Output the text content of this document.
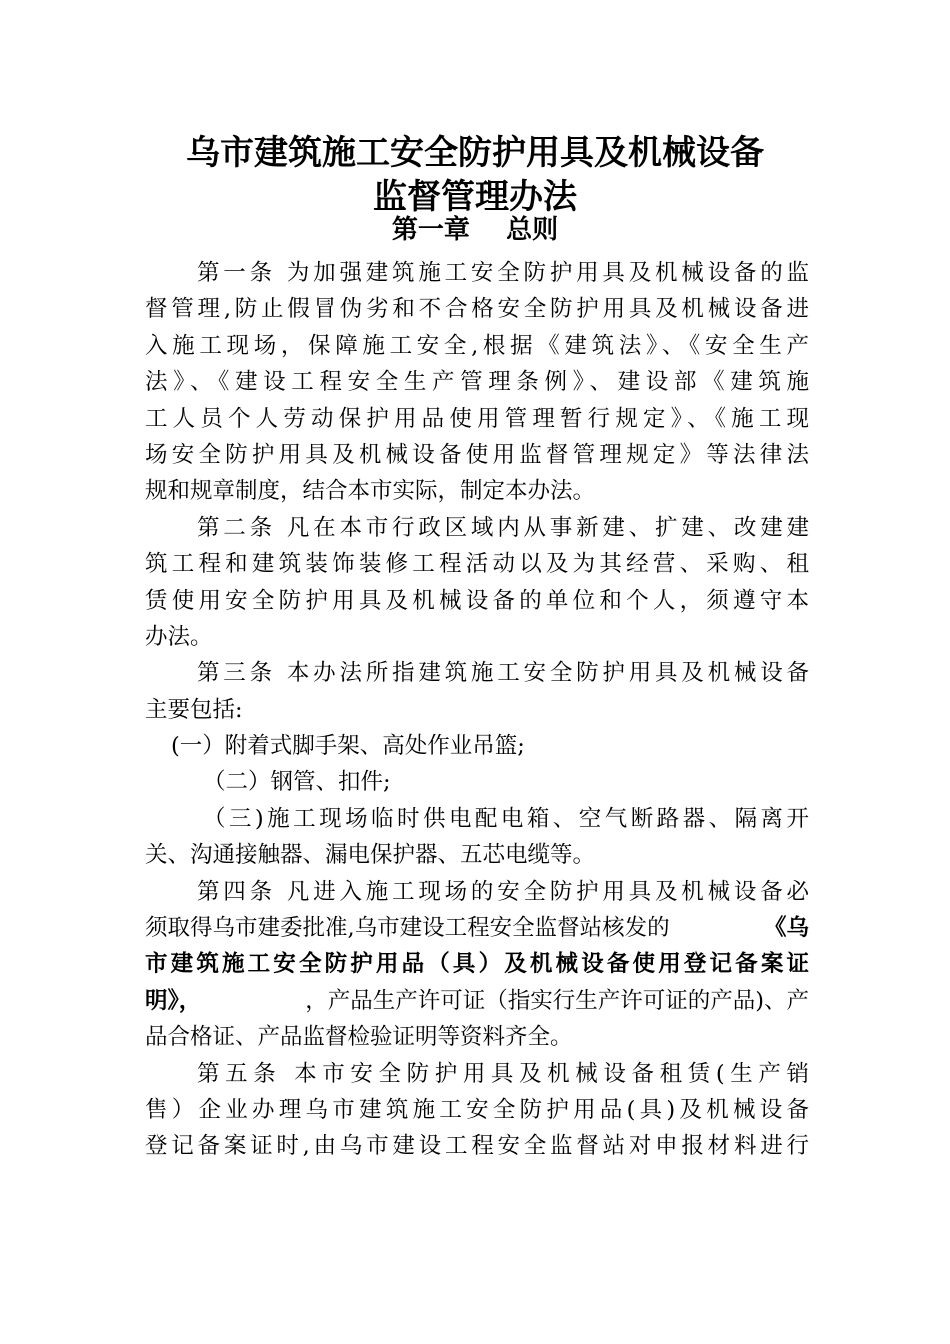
乌市建筑施工安全防护用具及机械设备
监督管理办法
第一章    总则
第一条 为加强建筑施工安全防护用具及机械设备的监
督管理,防止假冒伪劣和不合格安全防护用具及机械设备进
入施工现场，保障施工安全,根据《建筑法》、《安全生产
法》、《建设工程安全生产管理条例》、建设部《建筑施
工人员个人劳动保护用品使用管理暂行规定》、《施工现
场安全防护用具及机械设备使用监督管理规定》等法律法
规和规章制度，结合本市实际，制定本办法。
第二条 凡在本市行政区域内从事新建、扩建、改建建
筑工程和建筑装饰装修工程活动以及为其经营、采购、租
赁使用安全防护用具及机械设备的单位和个人，须遵守本
办法。
第三条 本办法所指建筑施工安全防护用具及机械设备
主要包括:
(一）附着式脚手架、高处作业吊篮;
（二）钢管、扣件;
（三)施工现场临时供电配电箱、空气断路器、隔离开
关、沟通接触器、漏电保护器、五芯电缆等。
第四条 凡进入施工现场的安全防护用具及机械设备必
须取得乌市建委批准,乌市建设工程安全监督站核发的	《乌
市建筑施工安全防护用品（具）及机械设备使用登记备案证
明》，	，产品生产许可证（指实行生产许可证的产品)、产
品合格证、产品监督检验证明等资料齐全。
第五条 本市安全防护用具及机械设备租赁(生产销
售）企业办理乌市建筑施工安全防护用品(具)及机械设备
登记备案证时,由乌市建设工程安全监督站对申报材料进行
